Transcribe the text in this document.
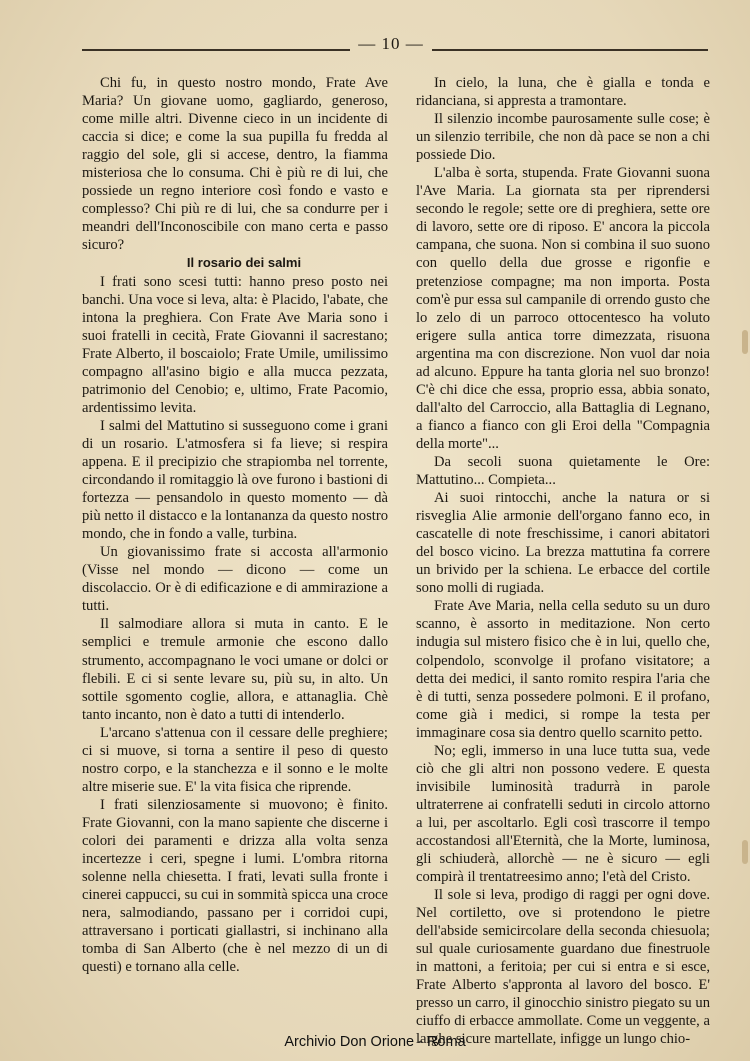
— 10 —

Chi fu, in questo nostro mondo, Frate Ave Maria? Un giovane uomo, gagliardo, generoso, come mille altri. Divenne cieco in un incidente di caccia si dice; e come la sua pupilla fu fredda al raggio del sole, gli si accese, dentro, la fiamma misteriosa che lo consuma. Chi è più re di lui, che possiede un regno interiore così fondo e vasto e complesso? Chi più re di lui, che sa condurre per i meandri dell'Inconoscibile con mano certa e passo sicuro?

Il rosario dei salmi

I frati sono scesi tutti: hanno preso posto nei banchi. Una voce si leva, alta: è Placido, l'abate, che intona la preghiera. Con Frate Ave Maria sono i suoi fratelli in cecità, Frate Giovanni il sacrestano; Frate Alberto, il boscaiolo; Frate Umile, umilissimo compagno all'asino bigio e alla mucca pezzata, patrimonio del Cenobio; e, ultimo, Frate Pacomio, ardentissimo levita.

I salmi del Mattutino si susseguono come i grani di un rosario. L'atmosfera si fa lieve; si respira appena. E il precipizio che strapiomba nel torrente, circondando il romitaggio là ove furono i bastioni di fortezza — pensandolo in questo momento — dà più netto il distacco e la lontananza da questo nostro mondo, che in fondo a valle, turbina.

Un giovanissimo frate si accosta all'armonio (Visse nel mondo — dicono — come un discolaccio. Or è di edificazione e di ammirazione a tutti.

Il salmodiare allora si muta in canto. E le semplici e tremule armonie che escono dallo strumento, accompagnano le voci umane or dolci or flebili. E ci si sente levare su, più su, in alto. Un sottile sgomento coglie, allora, e attanaglia. Chè tanto incanto, non è dato a tutti di intenderlo.

L'arcano s'attenua con il cessare delle preghiere; ci si muove, si torna a sentire il peso di questo nostro corpo, e la stanchezza e il sonno e le molte altre miserie sue. E' la vita fisica che riprende.

I frati silenziosamente si muovono; è finito. Frate Giovanni, con la mano sapiente che discerne i colori dei paramenti e drizza alla volta senza incertezze i ceri, spegne i lumi. L'ombra ritorna solenne nella chiesetta. I frati, levati sulla fronte i cinerei cappucci, su cui in sommità spicca una croce nera, salmodiando, passano per i corridoi cupi, attraversano i porticati giallastri, si inchinano alla tomba di San Alberto (che è nel mezzo di un di questi) e tornano alla celle.

In cielo, la luna, che è gialla e tonda e ridanciana, si appresta a tramontare.

Il silenzio incombe paurosamente sulle cose; è un silenzio terribile, che non dà pace se non a chi possiede Dio.

L'alba è sorta, stupenda. Frate Giovanni suona l'Ave Maria. La giornata sta per riprendersi secondo le regole; sette ore di preghiera, sette ore di lavoro, sette ore di riposo. E' ancora la piccola campana, che suona. Non si combina il suo suono con quello della due grosse e rigonfie e pretenziose compagne; ma non importa. Posta com'è pur essa sul campanile di orrendo gusto che lo zelo di un parroco ottocentesco ha voluto erigere sulla antica torre dimezzata, risuona argentina ma con discrezione. Non vuol dar noia ad alcuno. Eppure ha tanta gloria nel suo bronzo! C'è chi dice che essa, proprio essa, abbia sonato, dall'alto del Carroccio, alla Battaglia di Legnano, a fianco a fianco con gli Eroi della "Compagnia della morte"...

Da secoli suona quietamente le Ore: Mattutino... Compieta...

Ai suoi rintocchi, anche la natura or si risveglia Alie armonie dell'organo fanno eco, in cascatelle di note freschissime, i canori abitatori del bosco vicino. La brezza mattutina fa correre un brivido per la schiena. Le erbacce del cortile sono molli di rugiada.

Frate Ave Maria, nella cella seduto su un duro scanno, è assorto in meditazione. Non certo indugia sul mistero fisico che è in lui, quello che, colpendolo, sconvolge il profano visitatore; a detta dei medici, il santo romito respira l'aria che è di tutti, senza possedere polmoni. E il profano, come già i medici, si rompe la testa per immaginare cosa sia dentro quello scarnito petto.

No; egli, immerso in una luce tutta sua, vede ciò che gli altri non possono vedere. E questa invisibile luminosità tradurrà in parole ultraterrene ai confratelli seduti in circolo attorno a lui, per ascoltarlo. Egli così trascorre il tempo accostandosi all'Eternità, che la Morte, luminosa, gli schiuderà, allorchè — ne è sicuro — egli compirà il trentatreesimo anno; l'età del Cristo.

Il sole si leva, prodigo di raggi per ogni dove. Nel cortiletto, ove si protendono le pietre dell'abside semicircolare della seconda chiesuola; sul quale curiosamente guardano due finestruole in mattoni, a feritoia; per cui si entra e si esce, Frate Alberto s'appronta al lavoro del bosco. E' presso un carro, il ginocchio sinistro piegato su un ciuffo di erbacce ammollate. Come un veggente, a larghe sicure martellate, infigge un lungo chio-

Archivio Don Orione - Roma
